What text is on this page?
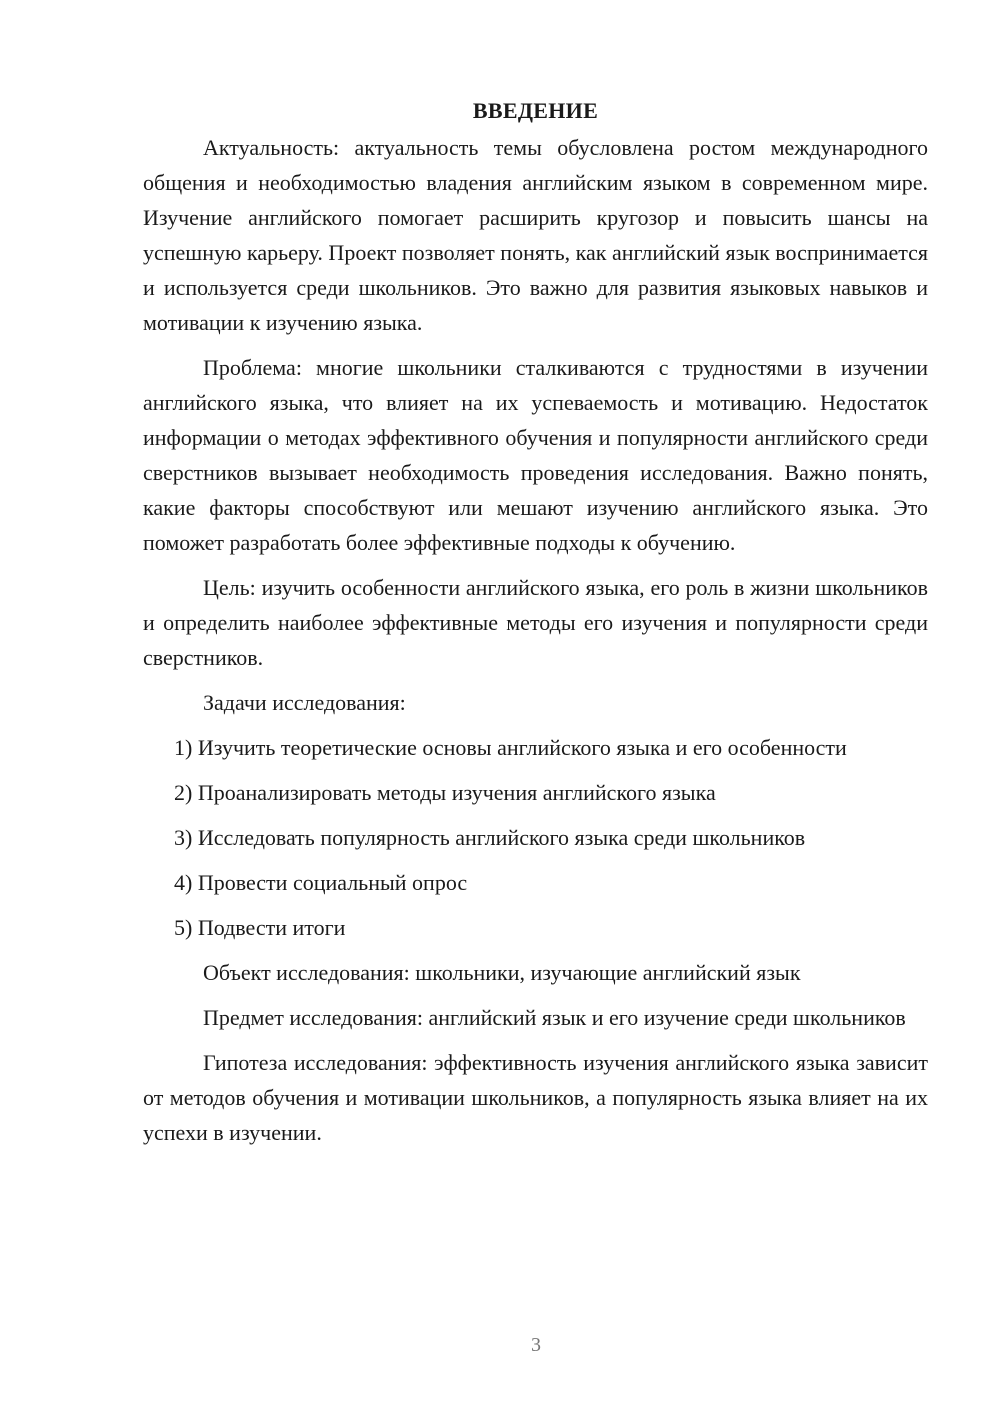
ВВЕДЕНИЕ

Актуальность: актуальность темы обусловлена ростом международного общения и необходимостью владения английским языком в современном мире. Изучение английского помогает расширить кругозор и повысить шансы на успешную карьеру. Проект позволяет понять, как английский язык воспринимается и используется среди школьников. Это важно для развития языковых навыков и мотивации к изучению языка.

Проблема: многие школьники сталкиваются с трудностями в изучении английского языка, что влияет на их успеваемость и мотивацию. Недостаток информации о методах эффективного обучения и популярности английского среди сверстников вызывает необходимость проведения исследования. Важно понять, какие факторы способствуют или мешают изучению английского языка. Это поможет разработать более эффективные подходы к обучению.

Цель: изучить особенности английского языка, его роль в жизни школьников и определить наиболее эффективные методы его изучения и популярности среди сверстников.

Задачи исследования:

1) Изучить теоретические основы английского языка и его особенности

2) Проанализировать методы изучения английского языка

3) Исследовать популярность английского языка среди школьников

4) Провести социальный опрос

5) Подвести итоги

Объект исследования: школьники, изучающие английский язык

Предмет исследования: английский язык и его изучение среди школьников

Гипотеза исследования: эффективность изучения английского языка зависит от методов обучения и мотивации школьников, а популярность языка влияет на их успехи в изучении.

3
